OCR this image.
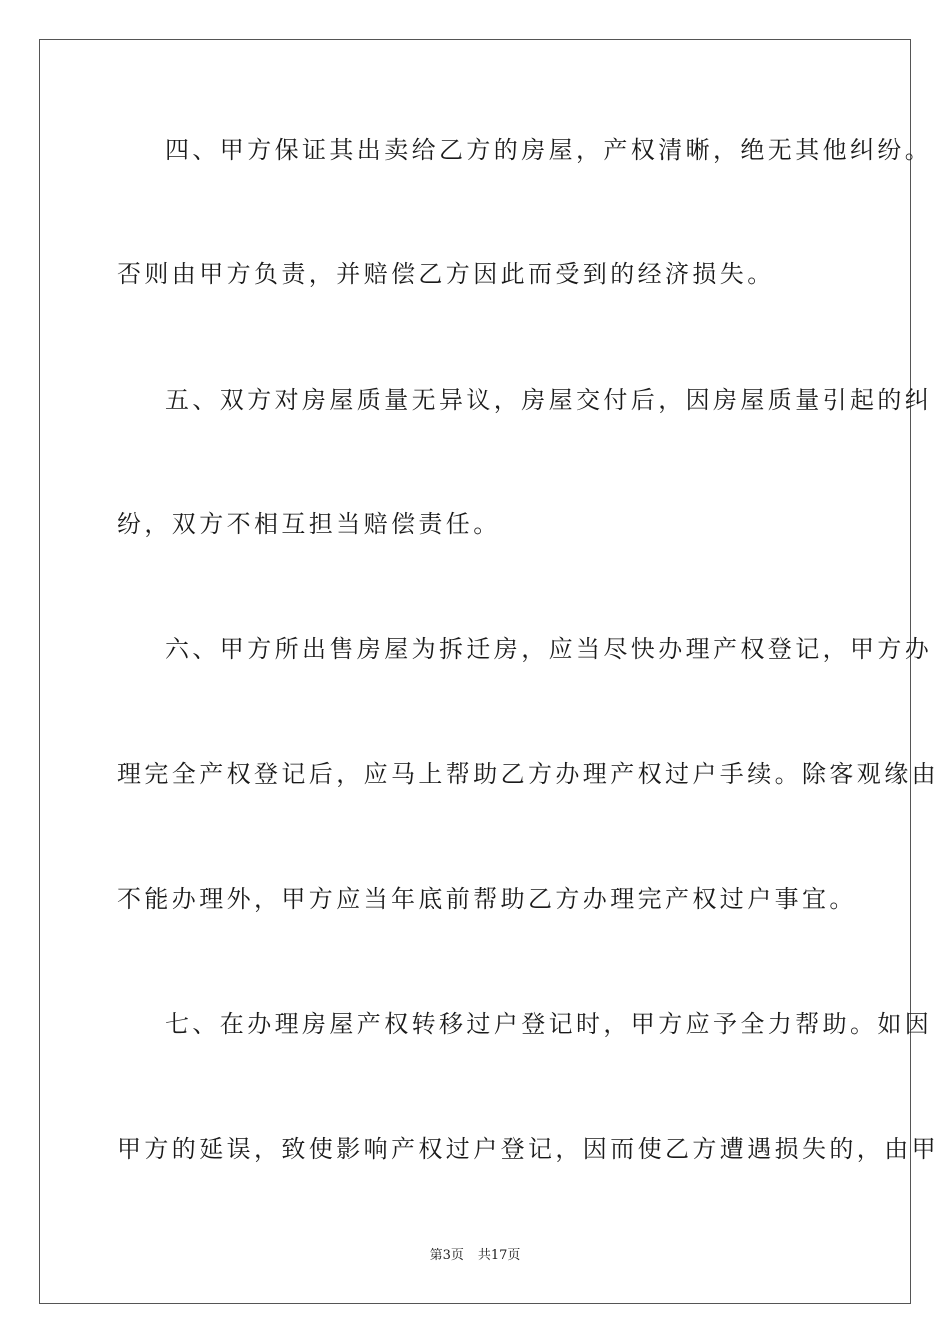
四、甲方保证其出卖给乙方的房屋，产权清晰，绝无其他纠纷。
否则由甲方负责，并赔偿乙方因此而受到的经济损失。
五、双方对房屋质量无异议，房屋交付后，因房屋质量引起的纠
纷，双方不相互担当赔偿责任。
六、甲方所出售房屋为拆迁房，应当尽快办理产权登记，甲方办
理完全产权登记后，应马上帮助乙方办理产权过户手续。除客观缘由
不能办理外，甲方应当年底前帮助乙方办理完产权过户事宜。
七、在办理房屋产权转移过户登记时，甲方应予全力帮助。如因
甲方的延误，致使影响产权过户登记，因而使乙方遭遇损失的，由甲
第3页 共17页
